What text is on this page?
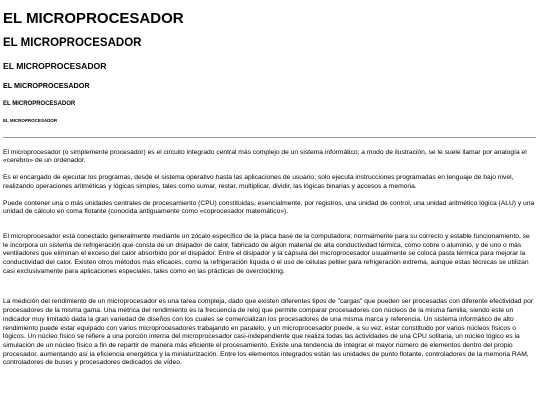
EL MICROPROCESADOR
EL MICROPROCESADOR
EL MICROPROCESADOR
EL MICROPROCESADOR
EL MICROPROCESADOR
EL MICROPROCESADOR

El microprocesador (o simplemente procesador) es el circuito integrado central más complejo de un sistema informático; a modo de ilustración, se le suele llamar por analogía el «cerebro» de un ordenador.

Es el encargado de ejecutar los programas, desde el sistema operativo hasta las aplicaciones de usuario; solo ejecuta instrucciones programadas en lenguaje de bajo nivel, realizando operaciones aritméticas y lógicas simples, tales como sumar, restar, multiplicar, dividir, las lógicas binarias y accesos a memoria.

Puede contener una o más unidades centrales de procesamiento (CPU) constituidas, esencialmente, por registros, una unidad de control, una unidad aritmético lógica (ALU) y una unidad de cálculo en coma flotante (conocida antiguamente como «coprocesador matemático»).

El microprocesador está conectado generalmente mediante un zócalo específico de la placa base de la computadora; normalmente para su correcto y estable funcionamiento, se le incorpora un sistema de refrigeración que consta de un disipador de calor, fabricado de algún material de alta conductividad térmica, como cobre o aluminio, y de uno o más ventiladores que eliminan el exceso del calor absorbido por el disipador. Entre el disipador y la cápsula del microprocesador usualmente se coloca pasta térmica para mejorar la conductividad del calor. Existen otros métodos más eficaces, como la refrigeración líquida o el uso de células peltier para refrigeración extrema, aunque estas técnicas se utilizan casi exclusivamente para aplicaciones especiales, tales como en las prácticas de overclocking.

La medición del rendimiento de un microprocesador es una tarea compleja, dado que existen diferentes tipos de "cargas" que pueden ser procesadas con diferente efectividad por procesadores de la misma gama. Una métrica del rendimiento es la frecuencia de reloj que permite comparar procesadores con núcleos de la misma familia, siendo este un indicador muy limitado dada la gran variedad de diseños con los cuales se comercializan los procesadores de una misma marca y referencia. Un sistema informático de alto rendimiento puede estar equipado con varios microprocesadores trabajando en paralelo, y un microprocesador puede, a su vez, estar constituido por varios núcleos físicos o lógicos. Un núcleo físico se refiere a una porción interna del microprocesador casi-independiente que realiza todas las actividades de una CPU solitaria, un núcleo lógico es la simulación de un núcleo físico a fin de repartir de manera más eficiente el procesamiento. Existe una tendencia de integrar el mayor número de elementos dentro del propio procesador, aumentando así la eficiencia energética y la miniaturización. Entre los elementos integrados están las unidades de punto flotante, controladores de la memoria RAM, controladores de buses y procesadores dedicados de vídeo.
